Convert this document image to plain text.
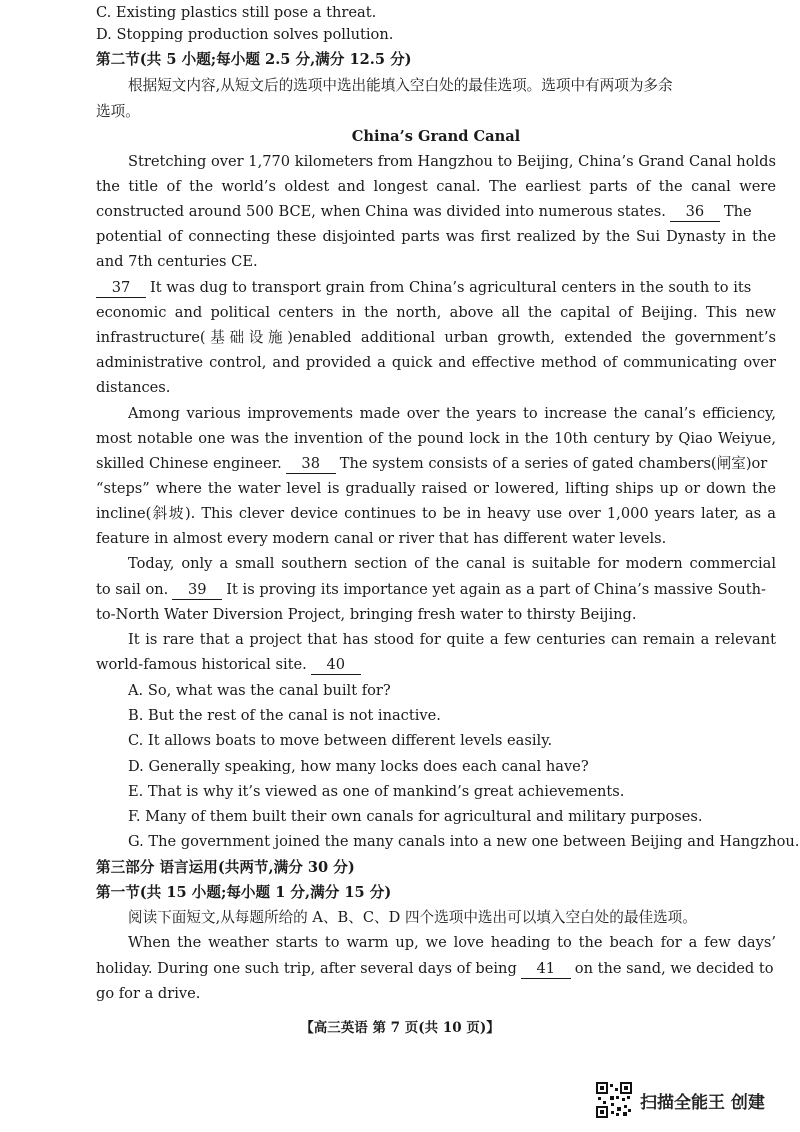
C. Existing plastics still pose a threat.
D. Stopping production solves pollution.
第二节(共 5 小题;每小题 2.5 分,满分 12.5 分)
根据短文内容,从短文后的选项中选出能填入空白处的最佳选项。选项中有两项为多余
选项。
China’s Grand Canal
Stretching over 1,770 kilometers from Hangzhou to Beijing, China’s Grand Canal holds
the title of the world’s oldest and longest canal. The earliest parts of the canal were
constructed around 500 BCE, when China was divided into numerous states. 36 The
potential of connecting these disjointed parts was first realized by the Sui Dynasty in the
and 7th centuries CE.
37 It was dug to transport grain from China’s agricultural centers in the south to its
economic and political centers in the north, above all the capital of Beijing. This new
infrastructure(基础设施)enabled additional urban growth, extended the government’s
administrative control, and provided a quick and effective method of communicating over
distances.
Among various improvements made over the years to increase the canal’s efficiency,
most notable one was the invention of the pound lock in the 10th century by Qiao Weiyue,
skilled Chinese engineer. 38 The system consists of a series of gated chambers(闸室)or
“steps” where the water level is gradually raised or lowered, lifting ships up or down the
incline(斜坡). This clever device continues to be in heavy use over 1,000 years later, as a
feature in almost every modern canal or river that has different water levels.
Today, only a small southern section of the canal is suitable for modern commercial
to sail on. 39 It is proving its importance yet again as a part of China’s massive South-
to-North Water Diversion Project, bringing fresh water to thirsty Beijing.
It is rare that a project that has stood for quite a few centuries can remain a relevant
world-famous historical site. 40
A. So, what was the canal built for?
B. But the rest of the canal is not inactive.
C. It allows boats to move between different levels easily.
D. Generally speaking, how many locks does each canal have?
E. That is why it’s viewed as one of mankind’s great achievements.
F. Many of them built their own canals for agricultural and military purposes.
G. The government joined the many canals into a new one between Beijing and Hangzhou.
第三部分 语言运用(共两节,满分 30 分)
第一节(共 15 小题;每小题 1 分,满分 15 分)
阅读下面短文,从每题所给的 A、B、C、D 四个选项中选出可以填入空白处的最佳选项。
When the weather starts to warm up, we love heading to the beach for a few days’
holiday. During one such trip, after several days of being 41 on the sand, we decided to
go for a drive.
【高三英语 第 7 页(共 10 页)】
扫描全能王 创建
